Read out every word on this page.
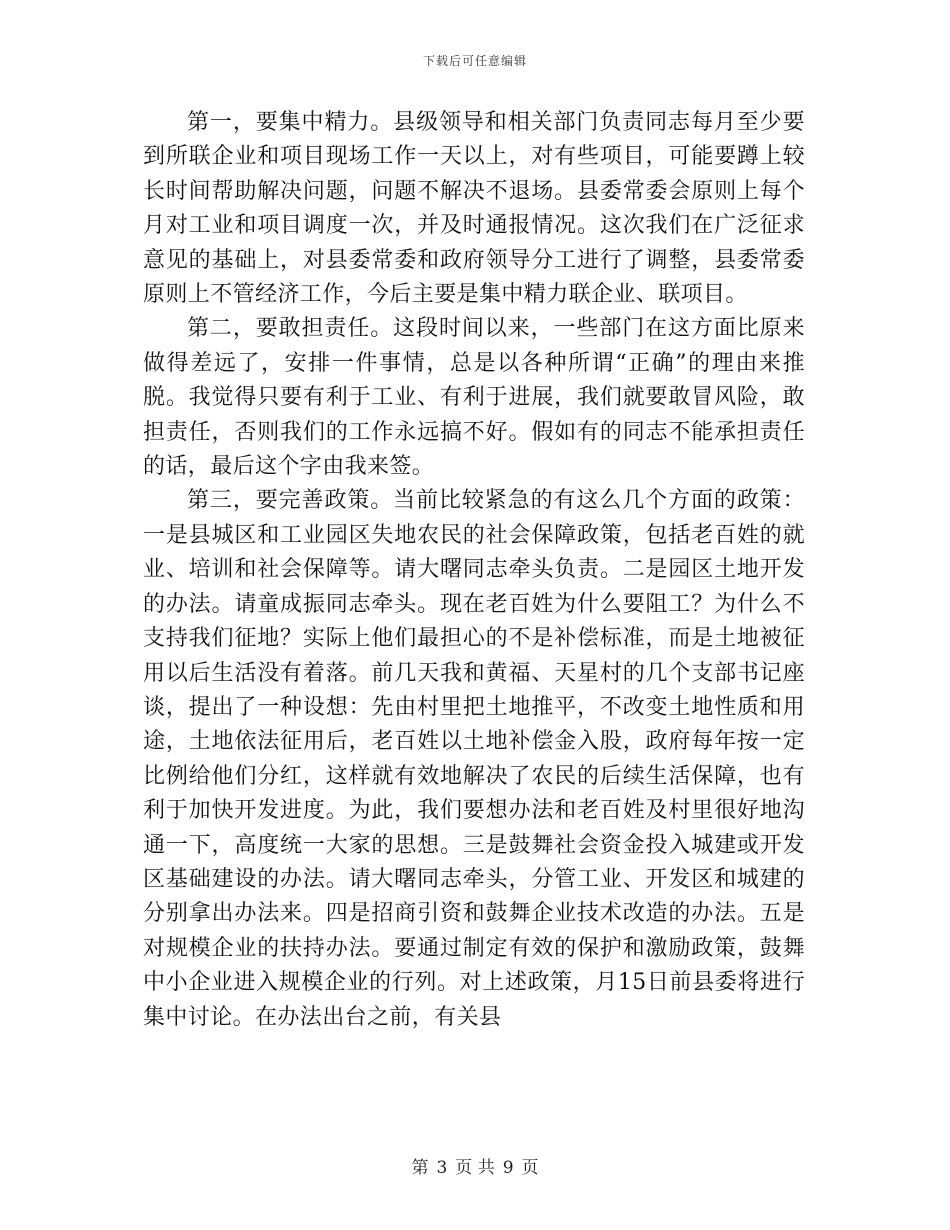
下载后可任意编辑

第一，要集中精力。县级领导和相关部门负责同志每月至少要到所联企业和项目现场工作一天以上，对有些项目，可能要蹲上较长时间帮助解决问题，问题不解决不退场。县委常委会原则上每个月对工业和项目调度一次，并及时通报情况。这次我们在广泛征求意见的基础上，对县委常委和政府领导分工进行了调整，县委常委原则上不管经济工作，今后主要是集中精力联企业、联项目。

第二，要敢担责任。这段时间以来，一些部门在这方面比原来做得差远了，安排一件事情，总是以各种所谓“正确”的理由来推脱。我觉得只要有利于工业、有利于进展，我们就要敢冒风险，敢担责任，否则我们的工作永远搞不好。假如有的同志不能承担责任的话，最后这个字由我来签。

第三，要完善政策。当前比较紧急的有这么几个方面的政策：一是县城区和工业园区失地农民的社会保障政策，包括老百姓的就业、培训和社会保障等。请大曙同志牵头负责。二是园区土地开发的办法。请童成振同志牵头。现在老百姓为什么要阻工？为什么不支持我们征地？实际上他们最担心的不是补偿标准，而是土地被征用以后生活没有着落。前几天我和黄福、天星村的几个支部书记座谈，提出了一种设想：先由村里把土地推平，不改变土地性质和用途，土地依法征用后，老百姓以土地补偿金入股，政府每年按一定比例给他们分红，这样就有效地解决了农民的后续生活保障，也有利于加快开发进度。为此，我们要想办法和老百姓及村里很好地沟通一下，高度统一大家的思想。三是鼓舞社会资金投入城建或开发区基础建设的办法。请大曙同志牵头，分管工业、开发区和城建的分别拿出办法来。四是招商引资和鼓舞企业技术改造的办法。五是对规模企业的扶持办法。要通过制定有效的保护和激励政策，鼓舞中小企业进入规模企业的行列。对上述政策，月15日前县委将进行集中讨论。在办法出台之前，有关县

第 3 页 共 9 页
